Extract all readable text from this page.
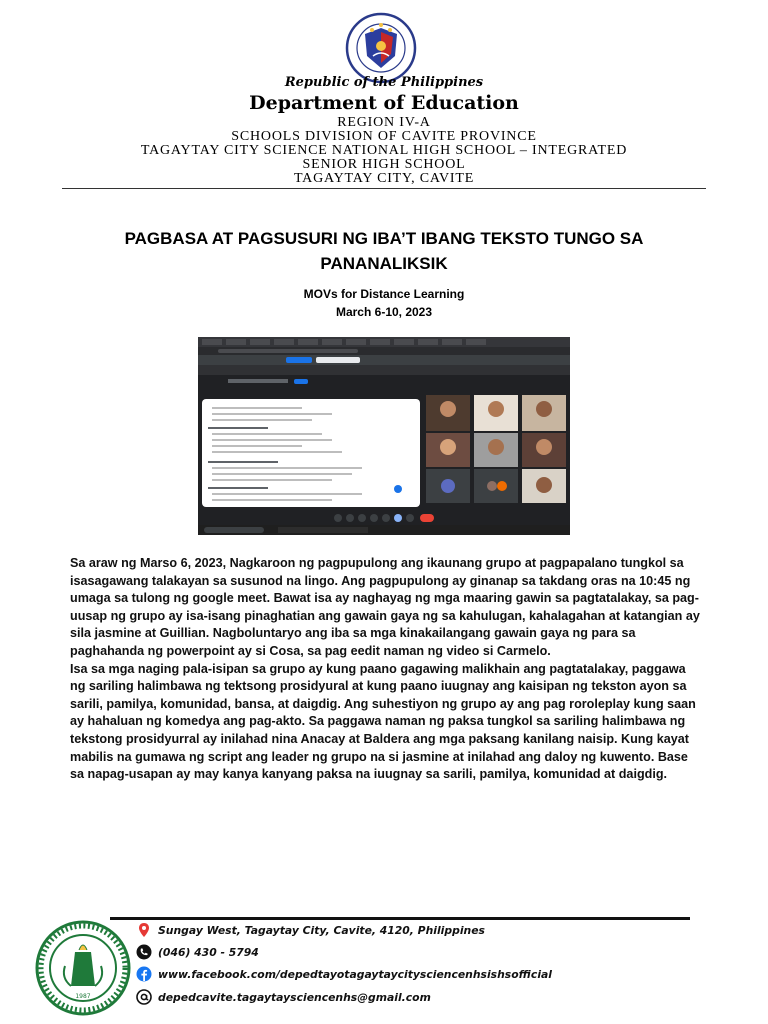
Republic of the Philippines
Department of Education
REGION IV-A
SCHOOLS DIVISION OF CAVITE PROVINCE
TAGAYTAY CITY SCIENCE NATIONAL HIGH SCHOOL – INTEGRATED
SENIOR HIGH SCHOOL
TAGAYTAY CITY, CAVITE
PAGBASA AT PAGSUSURI NG IBA’T IBANG TEKSTO TUNGO SA PANANALIKSIK
MOVs for Distance Learning
March 6-10, 2023

Sa araw ng Marso 6, 2023, Nagkaroon ng pagpupulong ang ikaunang grupo at pagpapalano tungkol sa isasagawang talakayan sa susunod na lingo. Ang pagpupulong ay ginanap sa takdang oras na 10:45 ng umaga sa tulong ng google meet. Bawat isa ay naghayag ng mga maaring gawin sa pagtatalakay, sa pag-uusap ng grupo ay isa-isang pinaghatian ang gawain gaya ng sa kahulugan, kahalagahan at katangian ay sila jasmine at Guillian. Nagboluntaryo ang iba sa mga kinakailangang gawain gaya ng para sa paghahanda ng powerpoint ay si Cosa, sa pag eedit naman ng video si Carmelo.

Isa sa mga naging pala-isipan sa grupo ay kung paano gagawing malikhain ang pagtatalakay, paggawa ng sariling halimbawa ng tektsong prosidyural at kung paano iuugnay ang kaisipan ng tekston ayon sa sarili, pamilya, komunidad, bansa, at daigdig. Ang suhestiyon ng grupo ay ang pag roroleplay kung saan ay hahaluan ng komedya ang pag-akto. Sa paggawa naman ng paksa tungkol sa sariling halimbawa ng tekstong prosidyurral ay inilahad nina Anacay at Baldera ang mga paksang kanilang naisip. Kung kayat mabilis na gumawa ng script ang leader ng grupo na si jasmine at inilahad ang daloy ng kuwento. Base sa napag-usapan ay may kanya kanyang paksa na iuugnay sa sarili, pamilya, komunidad at daigdig.

1987
Sungay West, Tagaytay City, Cavite, 4120, Philippines
(046) 430 - 5794
www.facebook.com/depedtayotagaytaycitysciencenhsishsofficial
depedcavite.tagaytaysciencenhs@gmail.com
